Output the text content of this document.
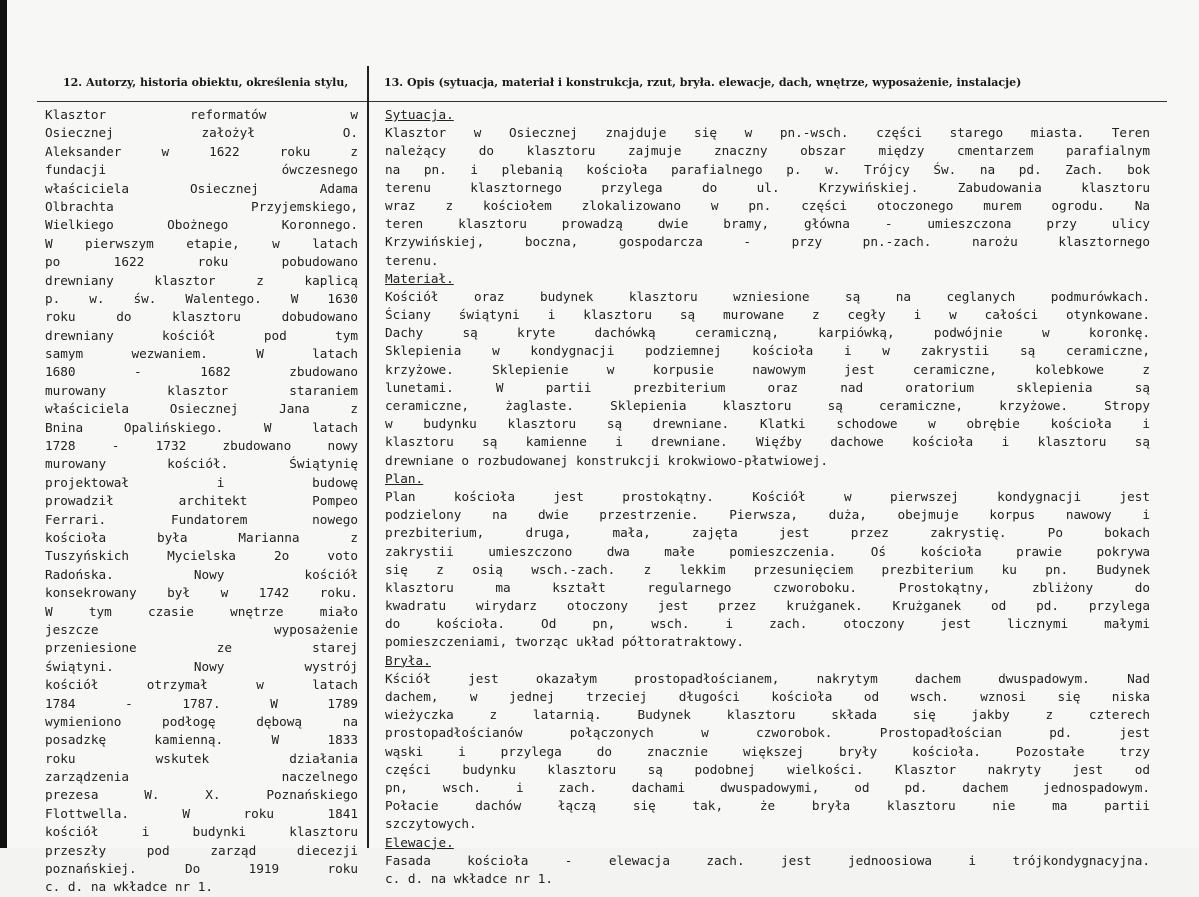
12. Autorzy, historia obiektu, określenia stylu,	13. Opis (sytuacja, materiał i konstrukcja, rzut, bryła. elewacje, dach, wnętrze, wyposażenie, instalacje)
Klasztor reformatów w
Osiecznej założył O.
Aleksander w 1622 roku z
fundacji ówczesnego
właściciela Osiecznej Adama
Olbrachta Przyjemskiego,
Wielkiego Obożnego Koronnego.
W pierwszym etapie, w latach
po 1622 roku pobudowano
drewniany klasztor z kaplicą
p. w. św. Walentego. W 1630
roku do klasztoru dobudowano
drewniany kościół pod tym
samym wezwaniem. W latach
1680 - 1682 zbudowano
murowany klasztor staraniem
właściciela Osiecznej Jana z
Bnina Opalińskiego. W latach
1728 - 1732 zbudowano nowy
murowany kościół. Świątynię
projektował i budowę
prowadził architekt Pompeo
Ferrari. Fundatorem nowego
kościoła była Marianna z
Tuszyńskich Mycielska 2o voto
Radońska. Nowy kościół
konsekrowany był w 1742 roku.
W tym czasie wnętrze miało
jeszcze wyposażenie
przeniesione ze starej
świątyni. Nowy wystrój
kościół otrzymał w latach
1784 - 1787. W 1789
wymieniono podłogę dębową na
posadzkę kamienną. W 1833
roku wskutek działania
zarządzenia naczelnego
prezesa W. X. Poznańskiego
Flottwella. W roku 1841
kościół i budynki klasztoru
przeszły pod zarząd diecezji
poznańskiej. Do 1919 roku
c. d. na wkładce nr 1.
Sytuacja.
Klasztor w Osiecznej znajduje się w pn.-wsch. części starego miasta. Teren
należący do klasztoru zajmuje znaczny obszar między cmentarzem parafialnym
na pn. i plebanią kościoła parafialnego p. w. Trójcy Św. na pd. Zach. bok
terenu klasztornego przylega do ul. Krzywińskiej. Zabudowania klasztoru
wraz z kościołem zlokalizowano w pn. części otoczonego murem ogrodu. Na
teren klasztoru prowadzą dwie bramy, główna - umieszczona przy ulicy
Krzywińskiej, boczna, gospodarcza - przy pn.-zach. narożu klasztornego
terenu.
Materiał.
Kościół oraz budynek klasztoru wzniesione są na ceglanych podmurówkach.
Ściany świątyni i klasztoru są murowane z cegły i w całości otynkowane.
Dachy są kryte dachówką ceramiczną, karpiówką, podwójnie w koronkę.
Sklepienia w kondygnacji podziemnej kościoła i w zakrystii są ceramiczne,
krzyżowe. Sklepienie w korpusie nawowym jest ceramiczne, kolebkowe z
lunetami. W partii prezbiterium oraz nad oratorium sklepienia są
ceramiczne, żaglaste. Sklepienia klasztoru są ceramiczne, krzyżowe. Stropy
w budynku klasztoru są drewniane. Klatki schodowe w obrębie kościoła i
klasztoru są kamienne i drewniane. Więźby dachowe kościoła i klasztoru są
drewniane o rozbudowanej konstrukcji krokwiowo-płatwiowej.
Plan.
Plan kościoła jest prostokątny. Kościół w pierwszej kondygnacji jest
podzielony na dwie przestrzenie. Pierwsza, duża, obejmuje korpus nawowy i
prezbiterium, druga, mała, zajęta jest przez zakrystię. Po bokach
zakrystii umieszczono dwa małe pomieszczenia. Oś kościoła prawie pokrywa
się z osią wsch.-zach. z lekkim przesunięciem prezbiterium ku pn. Budynek
klasztoru ma kształt regularnego czworoboku. Prostokątny, zbliżony do
kwadratu wirydarz otoczony jest przez krużganek. Krużganek od pd. przylega
do kościoła. Od pn, wsch. i zach. otoczony jest licznymi małymi
pomieszczeniami, tworząc układ półtoratraktowy.
Bryła.
Kściół jest okazałym prostopadłościanem, nakrytym dachem dwuspadowym. Nad
dachem, w jednej trzeciej długości kościoła od wsch. wznosi się niska
wieżyczka z latarnią. Budynek klasztoru składa się jakby z czterech
prostopadłościanów połączonych w czworobok. Prostopadłościan pd. jest
wąski i przylega do znacznie większej bryły kościoła. Pozostałe trzy
części budynku klasztoru są podobnej wielkości. Klasztor nakryty jest od
pn, wsch. i zach. dachami dwuspadowymi, od pd. dachem jednospadowym.
Połacie dachów łączą się tak, że bryła klasztoru nie ma partii
szczytowych.
Elewacje.
Fasada kościoła - elewacja zach. jest jednoosiowa i trójkondygnacyjna.
c. d. na wkładce nr 1.
